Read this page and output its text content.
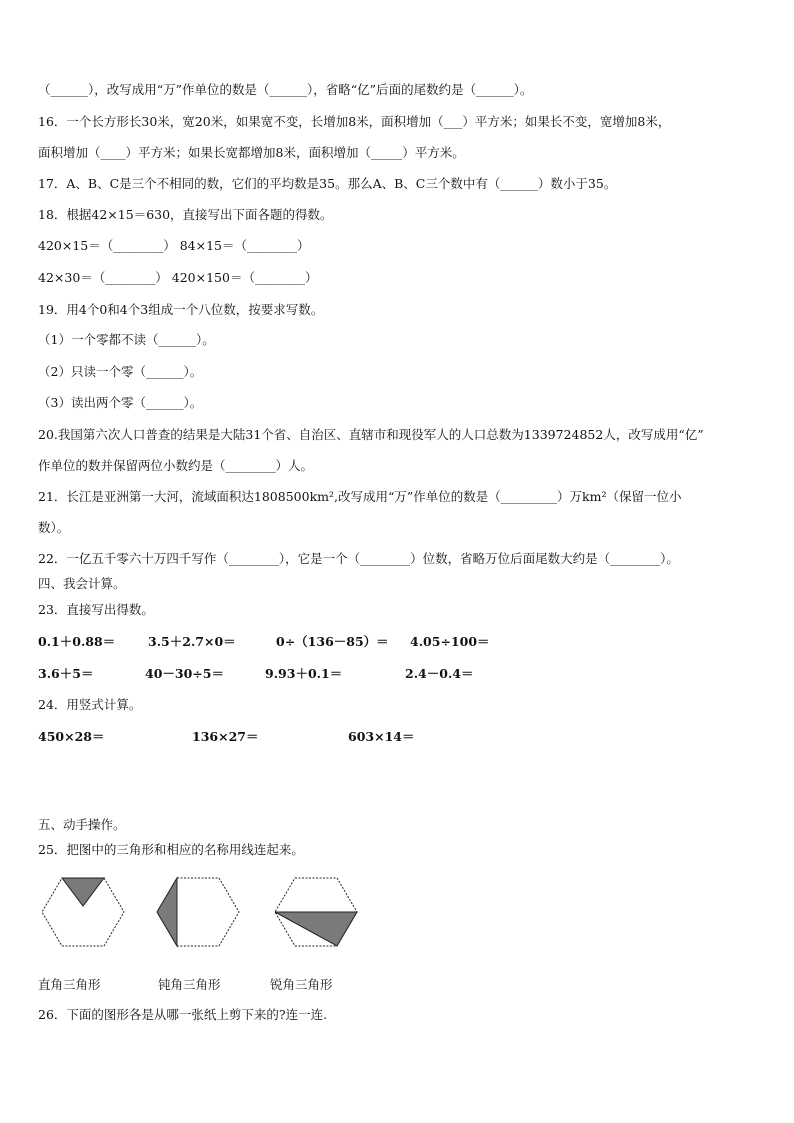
（______），改写成用“万”作单位的数是（______），省略“亿”后面的尾数约是（______）。
16．一个长方形长30米，宽20米，如果宽不变，长增加8米，面积增加（___）平方米；如果长不变，宽增加8米，
面积增加（____）平方米；如果长宽都增加8米，面积增加（_____）平方米。
17．A、B、C是三个不相同的数，它们的平均数是35。那么A、B、C三个数中有（______）数小于35。
18．根据42×15＝630，直接写出下面各题的得数。
420×15＝（________） 84×15＝（________）
42×30＝（________） 420×150＝（________）
19．用4个0和4个3组成一个八位数，按要求写数。
（1）一个零都不读（______）。
（2）只读一个零（______）。
（3）读出两个零（______）。
20.我国第六次人口普查的结果是大陆31个省、自治区、直辖市和现役军人的人口总数为1339724852人，改写成用“亿”
作单位的数并保留两位小数约是（________）人。
21．长江是亚洲第一大河，流域面积达1808500km²,改写成用“万”作单位的数是（_________）万km²（保留一位小
数）。
22．一亿五千零六十万四千写作（________），它是一个（________）位数，省略万位后面尾数大约是（________）。
四、我会计算。
23．直接写出得数。
0.1＋0.88＝	3.5＋2.7×0＝	0÷（136－85）＝ 4.05÷100＝
3.6＋5＝	40－30÷5＝	9.93＋0.1＝	2.4－0.4＝
24．用竖式计算。
450×28＝	136×27＝	603×14＝
五、动手操作。
25．把图中的三角形和相应的名称用线连起来。
直角三角形	钝角三角形	锐角三角形
26．下面的图形各是从哪一张纸上剪下来的?连一连.
